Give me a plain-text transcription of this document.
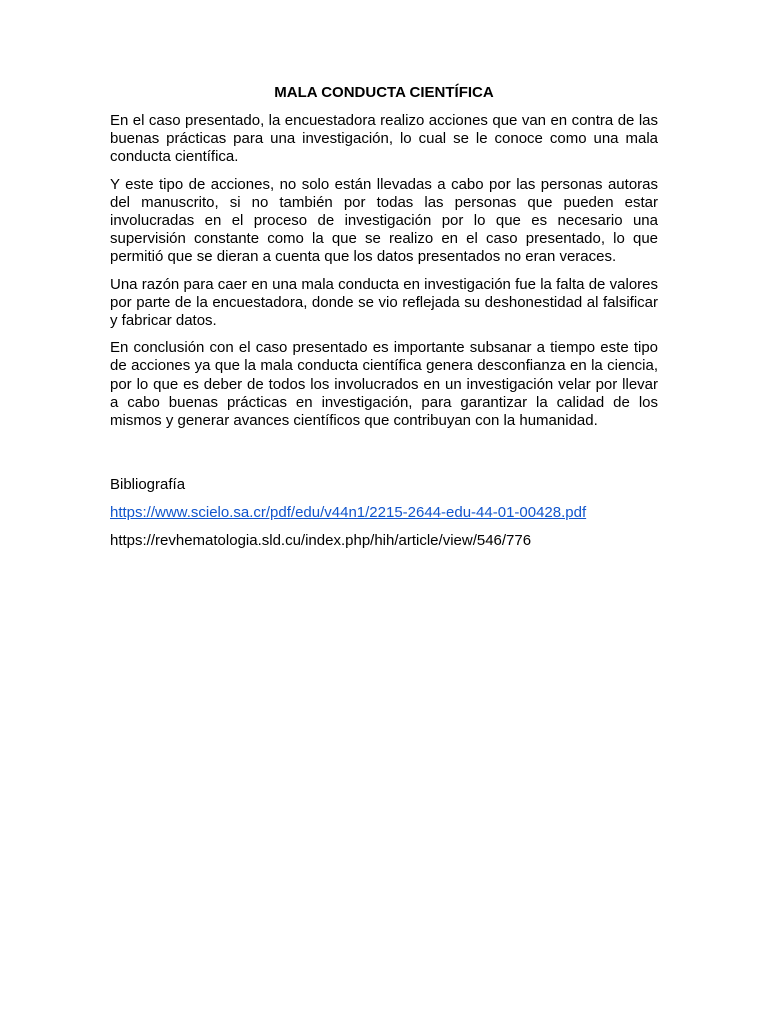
MALA CONDUCTA CIENTÍFICA

En el caso presentado, la encuestadora realizo acciones que van en contra de las buenas prácticas para una investigación, lo cual se le conoce como una mala conducta científica.

Y este tipo de acciones, no solo están llevadas a cabo por las personas autoras del manuscrito, si no también por todas las personas que pueden estar involucradas en el proceso de investigación por lo que es necesario una supervisión constante como la que se realizo en el caso presentado, lo que permitió que se dieran a cuenta que los datos presentados no eran veraces.

Una razón para caer en una mala conducta en investigación fue la falta de valores por parte de la encuestadora, donde se vio reflejada su deshonestidad al falsificar y fabricar datos.

En conclusión con el caso presentado es importante subsanar a tiempo este tipo de acciones ya que la mala conducta científica genera desconfianza en la ciencia, por lo que es deber de todos los involucrados en un investigación velar por llevar a cabo buenas prácticas en investigación, para garantizar la calidad de los mismos y generar avances científicos que contribuyan con la humanidad.

Bibliografía
https://www.scielo.sa.cr/pdf/edu/v44n1/2215-2644-edu-44-01-00428.pdf
https://revhematologia.sld.cu/index.php/hih/article/view/546/776
